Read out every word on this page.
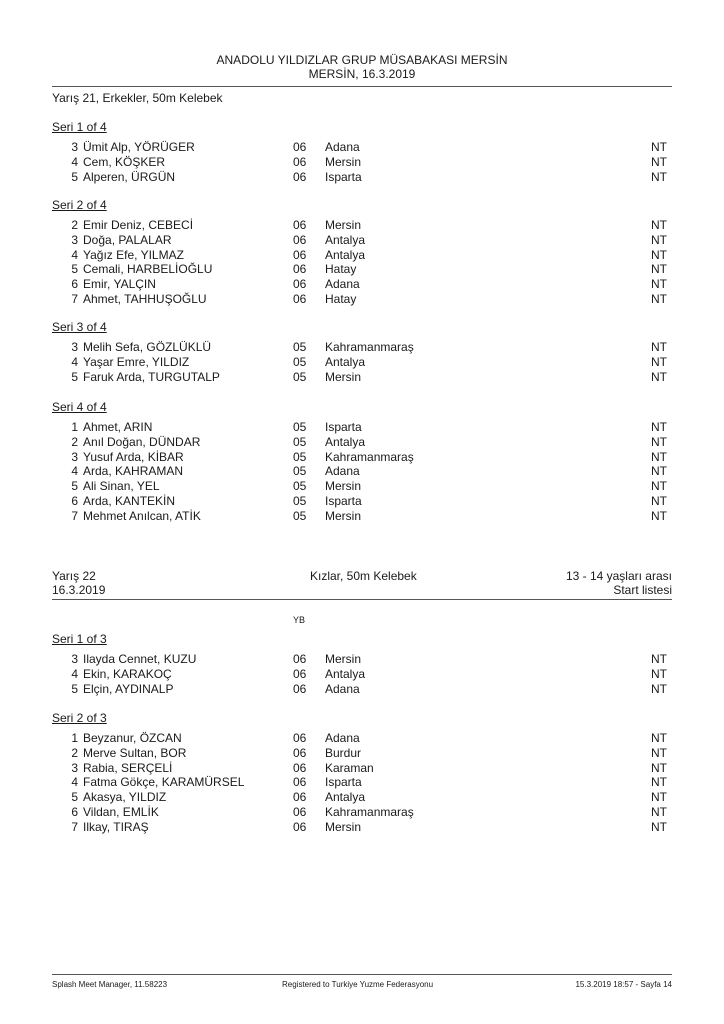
ANADOLU YILDIZLAR GRUP MÜSABAKASI MERSİN
MERSİN, 16.3.2019
Yarış 21, Erkekler, 50m Kelebek
Seri 1 of 4
3 Ümit Alp, YÖRÜGER	06 Adana	NT
4 Cem, KÖŞKER	06 Mersin	NT
5 Alperen, ÜRGÜN	06 Isparta	NT
Seri 2 of 4
2 Emir Deniz, CEBECİ	06 Mersin	NT
3 Doğa, PALALAR	06 Antalya	NT
4 Yağız Efe, YILMAZ	06 Antalya	NT
5 Cemali, HARBELİOĞLU	06 Hatay	NT
6 Emir, YALÇIN	06 Adana	NT
7 Ahmet, TAHHUŞOĞLU	06 Hatay	NT
Seri 3 of 4
3 Melih Sefa, GÖZLÜKLÜ	05 Kahramanmaraş	NT
4 Yaşar Emre, YILDIZ	05 Antalya	NT
5 Faruk Arda, TURGUTALP	05 Mersin	NT
Seri 4 of 4
1 Ahmet, ARIN	05 Isparta	NT
2 Anıl Doğan, DÜNDAR	05 Antalya	NT
3 Yusuf Arda, KİBAR	05 Kahramanmaraş	NT
4 Arda, KAHRAMAN	05 Adana	NT
5 Ali Sinan, YEL	05 Mersin	NT
6 Arda, KANTEKİN	05 Isparta	NT
7 Mehmet Anılcan, ATİK	05 Mersin	NT
Yarış 22
16.3.2019
Kızlar, 50m Kelebek	13 - 14 yaşları arası
Start listesi
YB
Seri 1 of 3
3 Ilayda Cennet, KUZU	06 Mersin	NT
4 Ekin, KARAKOÇ	06 Antalya	NT
5 Elçin, AYDINALP	06 Adana	NT
Seri 2 of 3
1 Beyzanur, ÖZCAN	06 Adana	NT
2 Merve Sultan, BOR	06 Burdur	NT
3 Rabia, SERÇELİ	06 Karaman	NT
4 Fatma Gökçe, KARAMÜRSEL	06 Isparta	NT
5 Akasya, YILDIZ	06 Antalya	NT
6 Vildan, EMLİK	06 Kahramanmaraş	NT
7 Ilkay, TIRAŞ	06 Mersin	NT
Splash Meet Manager, 11.58223	Registered to Turkiye Yuzme Federasyonu	15.3.2019 18:57 - Sayfa 14
